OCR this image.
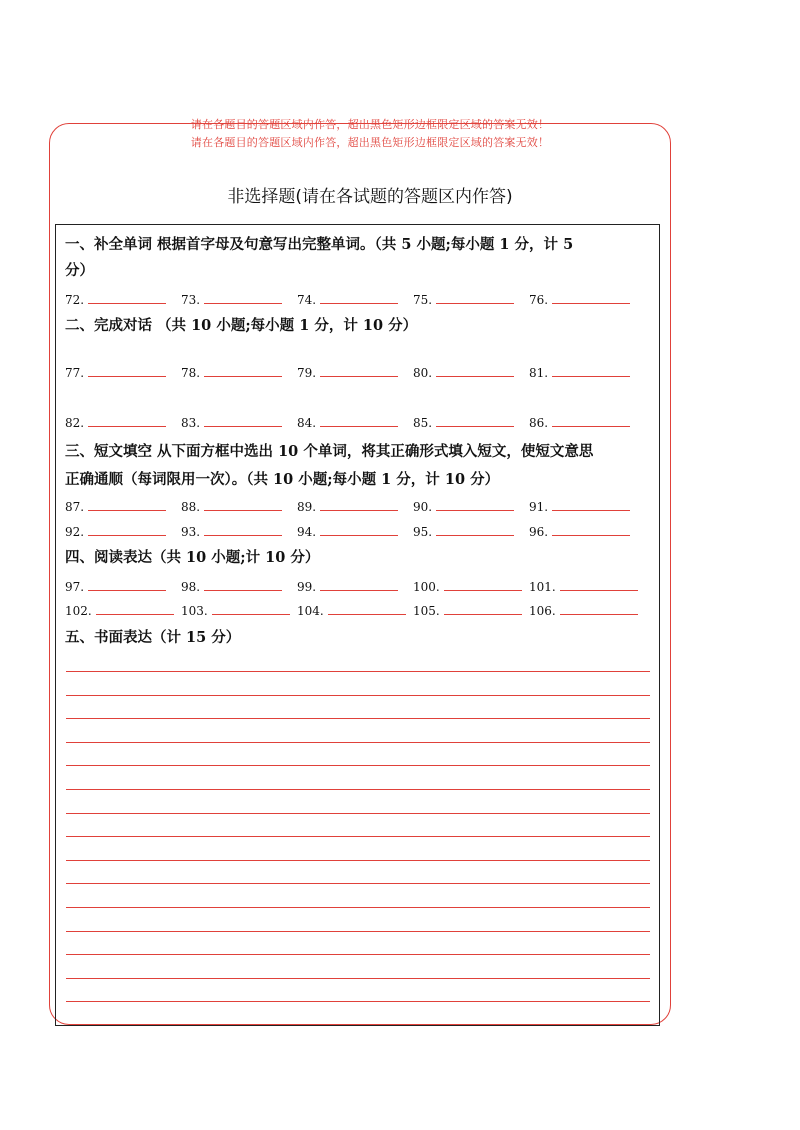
请在各题目的答题区域内作答，超出黑色矩形边框限定区域的答案无效！
请在各题目的答题区域内作答，超出黑色矩形边框限定区域的答案无效！
非选择题(请在各试题的答题区内作答)
一、补全单词 根据首字母及句意写出完整单词。（共 5 小题;每小题 1 分，计 5
分）
72.	73.	74.	75.	76.
二、完成对话 （共 10 小题;每小题 1 分，计 10 分）
77.	78.	79.	80.	81.
82.	83.	84.	85.	86.
三、短文填空 从下面方框中选出 10 个单词，将其正确形式填入短文，使短文意思
正确通顺（每词限用一次）。（共 10 小题;每小题 1 分，计 10 分）
87.	88.	89.	90.	91.
92.	93.	94.	95.	96.
四、阅读表达（共 10 小题;计 10 分）
97.	98.	99.	100.	101.
102.	103.	104.	105.	106.
五、书面表达（计 15 分）
